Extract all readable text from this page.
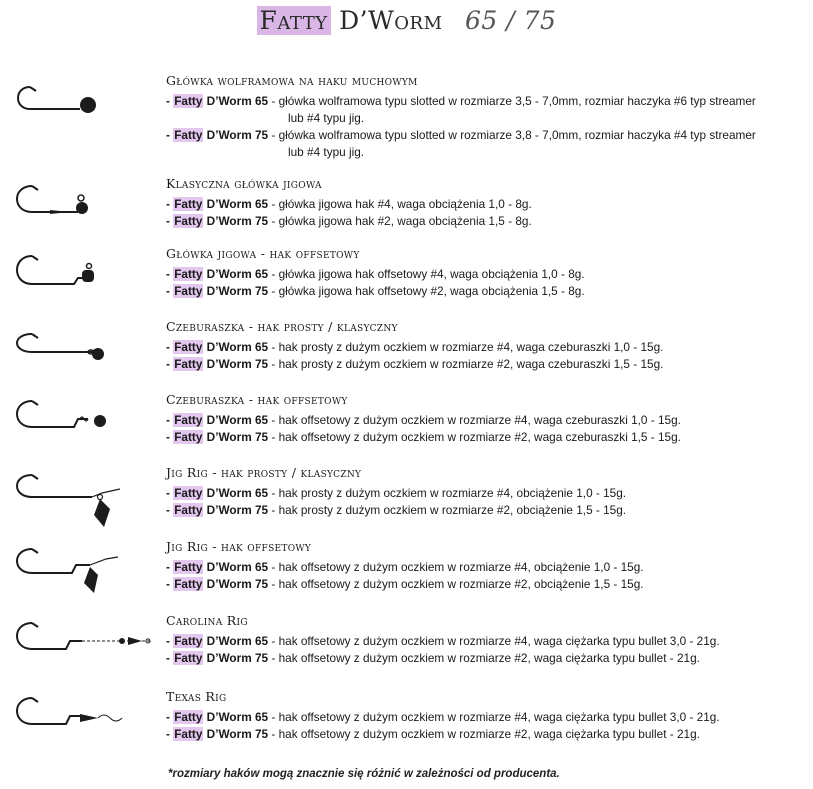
Fatty D’Worm 65 / 75
Główka wolframowa na haku muchowym
- Fatty D’Worm 65 - główka wolframowa typu slotted w rozmiarze 3,5 - 7,0mm, rozmiar haczyka #6 typ streamer
lub #4 typu jig.
- Fatty D’Worm 75 - główka wolframowa typu slotted w rozmiarze 3,8 - 7,0mm, rozmiar haczyka #4 typ streamer
lub #4 typu jig.
Klasyczna główka jigowa
- Fatty D’Worm 65 - główka jigowa hak #4, waga obciążenia 1,0 - 8g.
- Fatty D’Worm 75 - główka jigowa hak #2, waga obciążenia 1,5 - 8g.
Główka jigowa - hak offsetowy
- Fatty D’Worm 65 - główka jigowa hak offsetowy #4, waga obciążenia 1,0 - 8g.
- Fatty D’Worm 75 - główka jigowa hak offsetowy #2, waga obciążenia 1,5 - 8g.
Czeburaszka - hak prosty / klasyczny
- Fatty D’Worm 65 - hak prosty z dużym oczkiem w rozmiarze #4, waga czeburaszki 1,0 - 15g.
- Fatty D’Worm 75 - hak prosty z dużym oczkiem w rozmiarze #2, waga czeburaszki 1,5 - 15g.
Czeburaszka - hak offsetowy
- Fatty D’Worm 65 - hak offsetowy z dużym oczkiem w rozmiarze #4, waga czeburaszki 1,0 - 15g.
- Fatty D’Worm 75 - hak offsetowy z dużym oczkiem w rozmiarze #2, waga czeburaszki 1,5 - 15g.
Jig Rig - hak prosty / klasyczny
- Fatty D’Worm 65 - hak prosty z dużym oczkiem w rozmiarze #4, obciążenie 1,0 - 15g.
- Fatty D’Worm 75 - hak prosty z dużym oczkiem w rozmiarze #2, obciążenie 1,5 - 15g.
Jig Rig - hak offsetowy
- Fatty D’Worm 65 - hak offsetowy z dużym oczkiem w rozmiarze #4, obciążenie 1,0 - 15g.
- Fatty D’Worm 75 - hak offsetowy z dużym oczkiem w rozmiarze #2, obciążenie 1,5 - 15g.
Carolina Rig
- Fatty D’Worm 65 - hak offsetowy z dużym oczkiem w rozmiarze #4, waga ciężarka typu bullet 3,0 - 21g.
- Fatty D’Worm 75 - hak offsetowy z dużym oczkiem w rozmiarze #2, waga ciężarka typu bullet - 21g.
Texas Rig
- Fatty D’Worm 65 - hak offsetowy z dużym oczkiem w rozmiarze #4, waga ciężarka typu bullet 3,0 - 21g.
- Fatty D’Worm 75 - hak offsetowy z dużym oczkiem w rozmiarze #2, waga ciężarka typu bullet - 21g.
*rozmiary haków mogą znacznie się różnić w zależności od producenta.
